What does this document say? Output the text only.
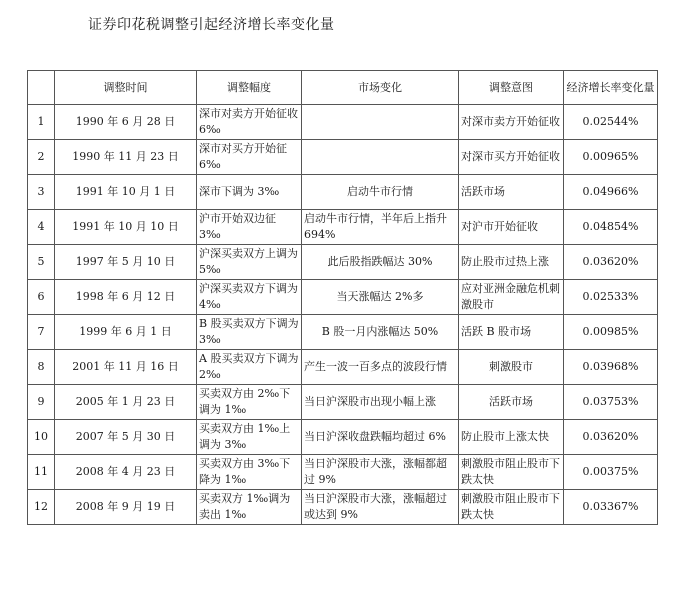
证券印花税调整引起经济增长率变化量
	调整时间	调整幅度	市场变化	调整意图	经济增长率变化量
1	1990 年 6 月 28 日	深市对卖方开始征收 6‰		对深市卖方开始征收	0.02544%
2	1990 年 11 月 23 日	深市对买方开始征 6‰		对深市买方开始征收	0.00965%
3	1991 年 10 月 1 日	深市下调为 3‰	启动牛市行情	活跃市场	0.04966%
4	1991 年 10 月 10 日	沪市开始双边征 3‰	启动牛市行情，半年后上指升 694%	对沪市开始征收	0.04854%
5	1997 年 5 月 10 日	沪深买卖双方上调为 5‰	此后股指跌幅达 30%	防止股市过热上涨	0.03620%
6	1998 年 6 月 12 日	沪深买卖双方下调为 4‰	当天涨幅达 2%多	应对亚洲金融危机刺激股市	0.02533%
7	1999 年 6 月 1 日	B 股买卖双方下调为 3‰	B 股一月内涨幅达 50%	活跃 B 股市场	0.00985%
8	2001 年 11 月 16 日	A 股买卖双方下调为 2‰	产生一波一百多点的波段行情	刺激股市	0.03968%
9	2005 年 1 月 23 日	买卖双方由 2‰下调为 1‰	当日沪深股市出现小幅上涨	活跃市场	0.03753%
10	2007 年 5 月 30 日	买卖双方由 1‰上调为 3‰	当日沪深收盘跌幅均超过 6%	防止股市上涨太快	0.03620%
11	2008 年 4 月 23 日	买卖双方由 3‰下降为 1‰	当日沪深股市大涨，涨幅都超过 9%	刺激股市阻止股市下跌太快	0.00375%
12	2008 年 9 月 19 日	买卖双方 1‰调为卖出 1‰	当日沪深股市大涨，涨幅超过或达到 9%	刺激股市阻止股市下跌太快	0.03367%
